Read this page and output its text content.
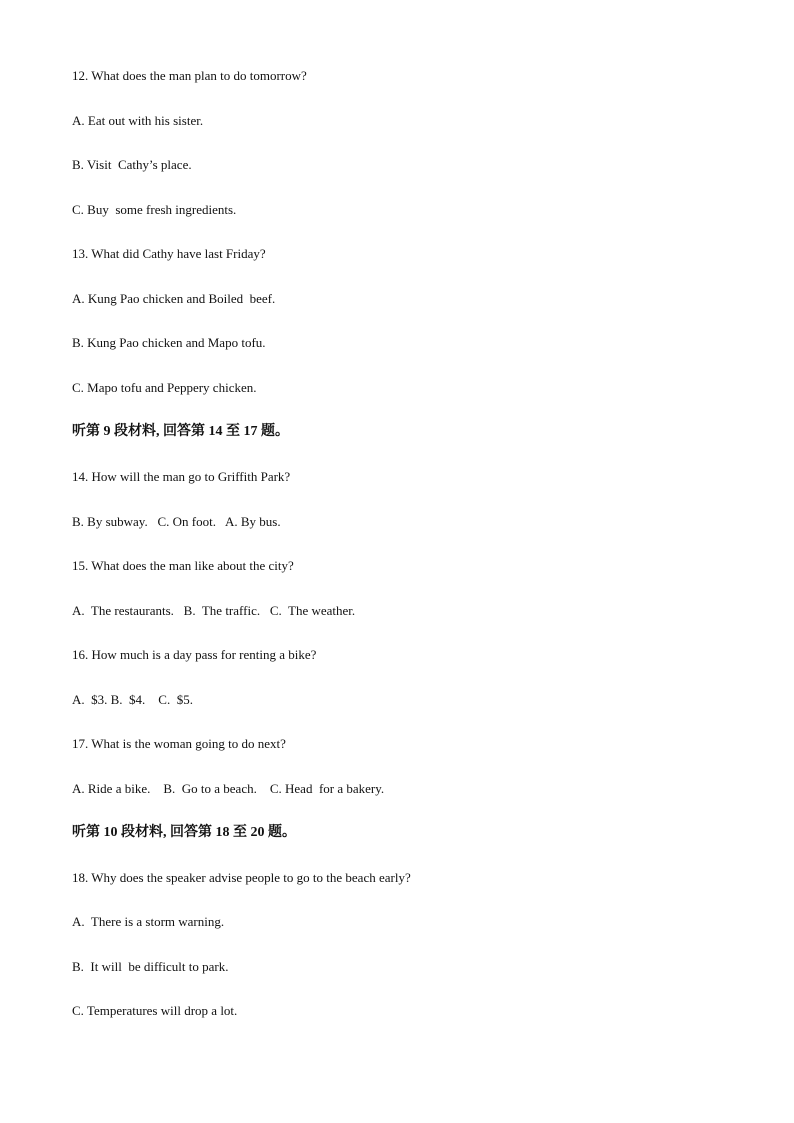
12. What does the man plan to do tomorrow?
A. Eat out with his sister.
B. Visit  Cathy’s place.
C. Buy  some fresh ingredients.
13. What did Cathy have last Friday?
A. Kung Pao chicken and Boiled  beef.
B. Kung Pao chicken and Mapo tofu.
C. Mapo tofu and Peppery chicken.
听第 9 段材料, 回答第 14 至 17 题。
14. How will the man go to Griffith Park?
B. By subway.   C. On foot.   A. By bus.
15. What does the man like about the city?
A.  The restaurants.   B.  The traffic.   C.  The weather.
16. How much is a day pass for renting a bike?
A.  $3. B.  $4.    C.  $5.
17. What is the woman going to do next?
A. Ride a bike.    B.  Go to a beach.    C. Head  for a bakery.
听第 10 段材料, 回答第 18 至 20 题。
18. Why does the speaker advise people to go to the beach early?
A.  There is a storm warning.
B.  It will  be difficult to park.
C. Temperatures will drop a lot.
